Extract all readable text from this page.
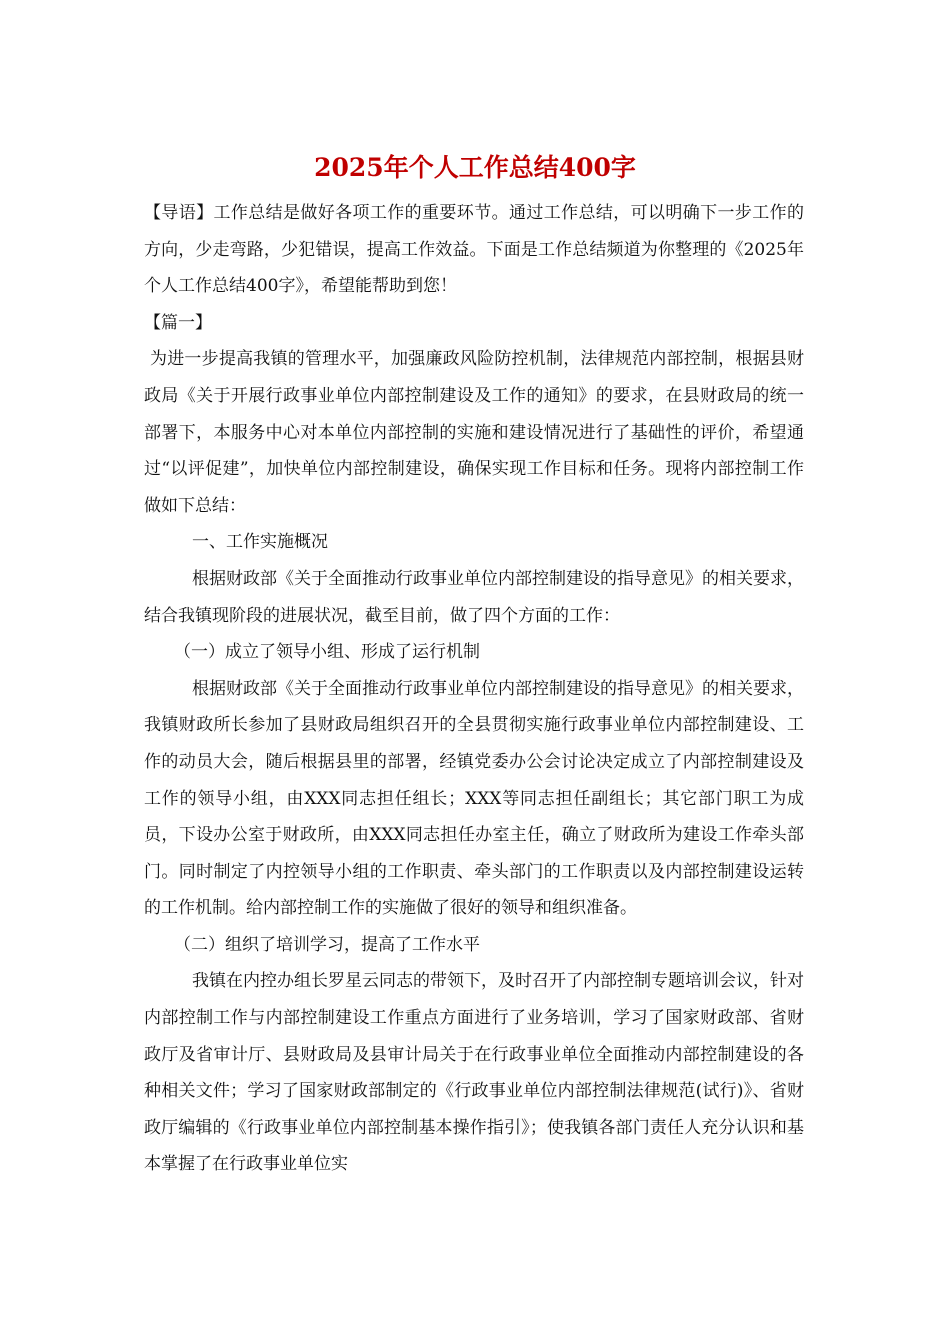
2025年个人工作总结400字

【导语】工作总结是做好各项工作的重要环节。通过工作总结，可以明确下一步工作的方向，少走弯路，少犯错误，提高工作效益。下面是工作总结频道为你整理的《2025年个人工作总结400字》，希望能帮助到您！

【篇一】

为进一步提高我镇的管理水平，加强廉政风险防控机制，法律规范内部控制，根据县财政局《关于开展行政事业单位内部控制建设及工作的通知》的要求，在县财政局的统一部署下，本服务中心对本单位内部控制的实施和建设情况进行了基础性的评价，希望通过“以评促建”，加快单位内部控制建设，确保实现工作目标和任务。现将内部控制工作做如下总结：

一、工作实施概况

根据财政部《关于全面推动行政事业单位内部控制建设的指导意见》的相关要求，结合我镇现阶段的进展状况，截至目前，做了四个方面的工作：

（一）成立了领导小组、形成了运行机制

根据财政部《关于全面推动行政事业单位内部控制建设的指导意见》的相关要求，我镇财政所长参加了县财政局组织召开的全县贯彻实施行政事业单位内部控制建设、工作的动员大会，随后根据县里的部署，经镇党委办公会讨论决定成立了内部控制建设及工作的领导小组，由XXX同志担任组长；XXX等同志担任副组长；其它部门职工为成员，下设办公室于财政所，由XXX同志担任办室主任，确立了财政所为建设工作牵头部门。同时制定了内控领导小组的工作职责、牵头部门的工作职责以及内部控制建设运转的工作机制。给内部控制工作的实施做了很好的领导和组织准备。

（二）组织了培训学习，提高了工作水平

我镇在内控办组长罗星云同志的带领下，及时召开了内部控制专题培训会议，针对内部控制工作与内部控制建设工作重点方面进行了业务培训，学习了国家财政部、省财政厅及省审计厅、县财政局及县审计局关于在行政事业单位全面推动内部控制建设的各种相关文件；学习了国家财政部制定的《行政事业单位内部控制法律规范(试行)》、省财政厅编辑的《行政事业单位内部控制基本操作指引》；使我镇各部门责任人充分认识和基本掌握了在行政事业单位实
